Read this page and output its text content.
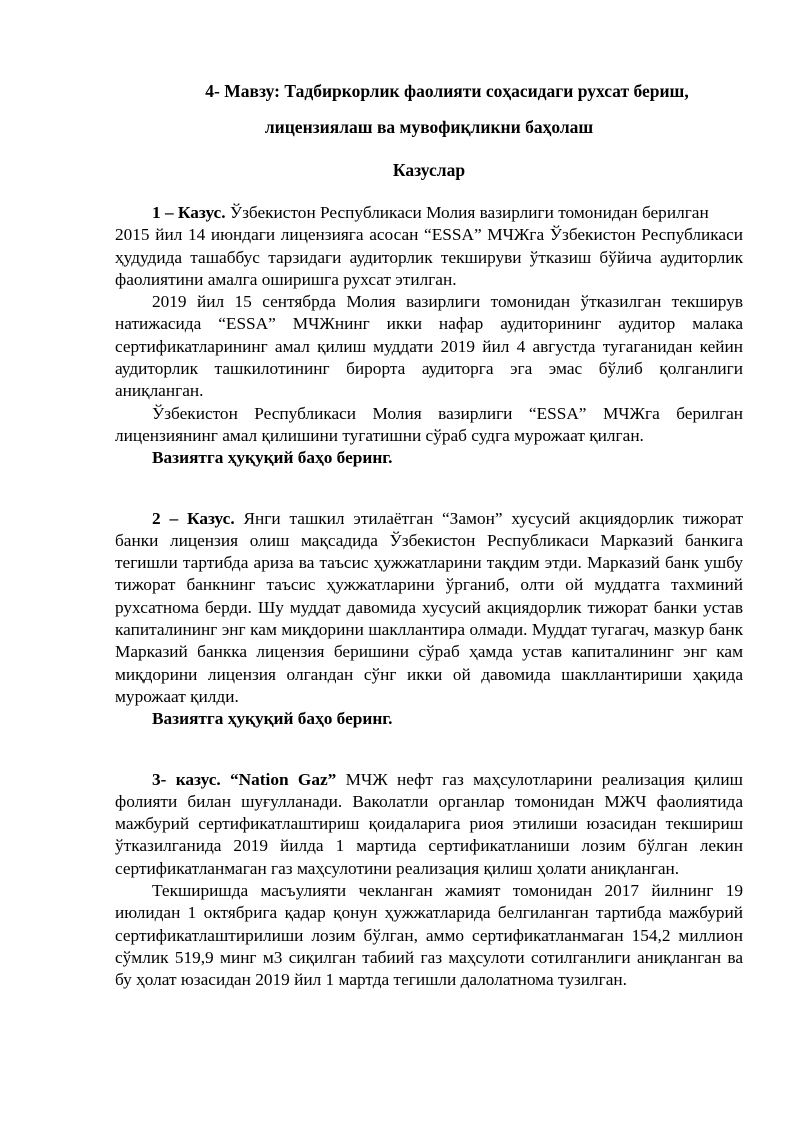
4- Мавзу: Тадбиркорлик фаолияти соҳасидаги рухсат бериш,
лицензиялаш ва мувофиқликни баҳолаш
Казуслар

1 – Казус. Ўзбекистон Республикаси Молия вазирлиги томонидан берилган

2015 йил 14 июндаги лицензияга асосан “ESSA” МЧЖга Ўзбекистон Республикаси ҳудудида ташаббус тарзидаги аудиторлик текшируви ўтказиш бўйича аудиторлик фаолиятини амалга оширишга рухсат этилган.

2019 йил 15 сентябрда Молия вазирлиги томонидан ўтказилган текширув натижасида “ESSA” МЧЖнинг икки нафар аудиторининг аудитор малака сертификатларининг амал қилиш муддати 2019 йил 4 августда тугаганидан кейин аудиторлик ташкилотининг бирорта аудиторга эга эмас бўлиб қолганлиги аниқланган.

Ўзбекистон Республикаси Молия вазирлиги “ESSA” МЧЖга берилган лицензиянинг амал қилишини тугатишни сўраб судга мурожаат қилган.

Вазиятга ҳуқуқий баҳо беринг.

2 – Казус. Янги ташкил этилаётган “Замон” хусусий акциядорлик тижорат банки лицензия олиш мақсадида Ўзбекистон Республикаси Марказий банкига тегишли тартибда ариза ва таъсис ҳужжатларини тақдим этди. Марказий банк ушбу тижорат банкнинг таъсис ҳужжатларини ўрганиб, олти ой муддатга тахминий рухсатнома берди. Шу муддат давомида хусусий акциядорлик тижорат банки устав капиталининг энг кам миқдорини шакллантира олмади. Муддат тугагач, мазкур банк Марказий банкка лицензия беришини сўраб ҳамда устав капиталининг энг кам миқдорини лицензия олгандан сўнг икки ой давомида шакллантириши ҳақида мурожаат қилди.

Вазиятга ҳуқуқий баҳо беринг.

3- казус. “Nation Gaz” МЧЖ нефт газ маҳсулотларини реализация қилиш фолияти билан шуғулланади. Ваколатли органлар томонидан МЖЧ фаолиятида мажбурий сертификатлаштириш қоидаларига риоя этилиши юзасидан текшириш ўтказилганида 2019 йилда 1 мартида сертификатланиши лозим бўлган лекин сертификатланмаган газ маҳсулотини реализация қилиш ҳолати аниқланган.

Текширишда масъулияти чекланган жамият томонидан 2017 йилнинг 19 июлидан 1 октябрига қадар қонун ҳужжатларида белгиланган тартибда мажбурий сертификатлаштирилиши лозим бўлган, аммо сертификатланмаган 154,2 миллион сўмлик 519,9 минг м3 сиқилган табиий газ маҳсулоти сотилганлиги аниқланган ва бу ҳолат юзасидан 2019 йил 1 мартда тегишли далолатнома тузилган.
